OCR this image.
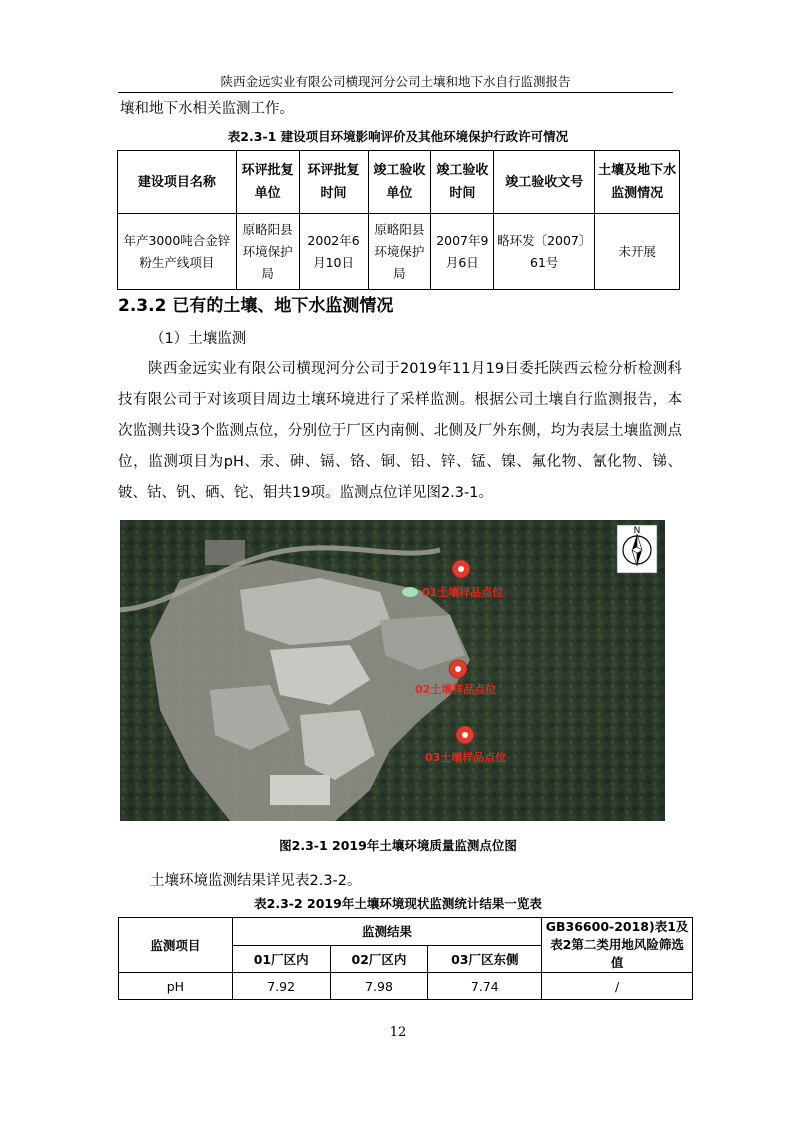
陕西金远实业有限公司横现河分公司土壤和地下水自行监测报告
壤和地下水相关监测工作。
表2.3-1 建设项目环境影响评价及其他环境保护行政许可情况
建设项目名称	环评批复单位	环评批复时间	竣工验收单位	竣工验收时间	竣工验收文号	土壤及地下水监测情况
年产3000吨合金锌粉生产线项目	原略阳县环境保护局	2002年6月10日	原略阳县环境保护局	2007年9月6日	略环发〔2007〕61号	未开展
2.3.2 已有的土壤、地下水监测情况
（1）土壤监测
陕西金远实业有限公司横现河分公司于2019年11月19日委托陕西云检分析检测科技有限公司于对该项目周边土壤环境进行了采样监测。根据公司土壤自行监测报告，本次监测共设3个监测点位，分别位于厂区内南侧、北侧及厂外东侧，均为表层土壤监测点位，监测项目为pH、汞、砷、镉、铬、铜、铅、锌、锰、镍、氟化物、氰化物、锑、铍、钴、钒、硒、铊、钼共19项。监测点位详见图2.3-1。
N
01土壤样品点位
02土壤样品点位
03土壤样品点位
图2.3-1 2019年土壤环境质量监测点位图
土壤环境监测结果详见表2.3-2。
表2.3-2 2019年土壤环境现状监测统计结果一览表
监测项目	监测结果			GB36600-2018)表1及表2第二类用地风险筛选值
	01厂区内	02厂区内	03厂区东侧	
pH	7.92	7.98	7.74	/
12
